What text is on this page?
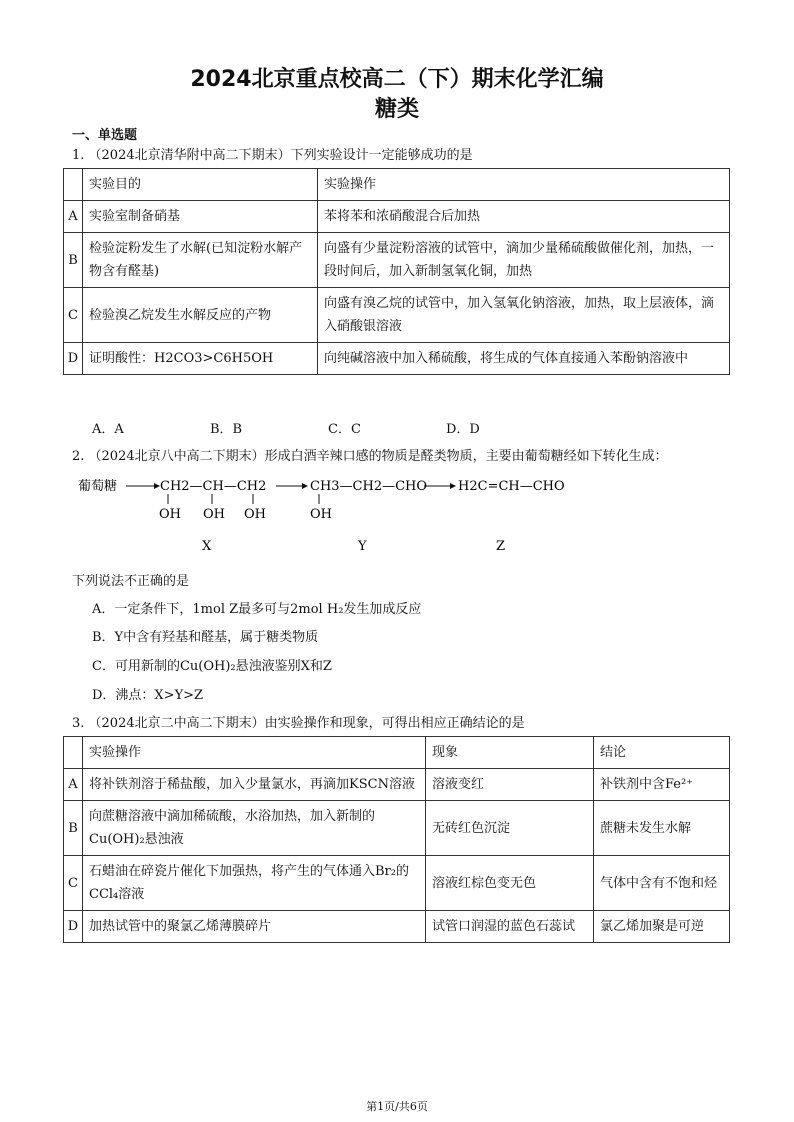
2024北京重点校高二（下）期末化学汇编
糖类
一、单选题
1. （2024北京清华附中高二下期末）下列实验设计一定能够成功的是
	实验目的	实验操作
A	实验室制备硝基	苯将苯和浓硝酸混合后加热
B	检验淀粉发生了水解(已知淀粉水解产物含有醛基)	向盛有少量淀粉溶液的试管中，滴加少量稀硫酸做催化剂，加热，一段时间后，加入新制氢氧化铜，加热
C	检验溴乙烷发生水解反应的产物	向盛有溴乙烷的试管中，加入氢氧化钠溶液，加热，取上层液体，滴入硝酸银溶液
D	证明酸性：H2CO3>C6H5OH	向纯碱溶液中加入稀硫酸，将生成的气体直接通入苯酚钠溶液中
A．A	B．B	C．C	D．D
2. （2024北京八中高二下期末）形成白酒辛辣口感的物质是醛类物质，主要由葡萄糖经如下转化生成：
葡萄糖	CH2—CH—CH2
OH OH OH
CH3—CH2—CHO
OH
H2C=CH—CHO
X	Y	Z
下列说法不正确的是
A．一定条件下，1mol Z最多可与2mol H₂发生加成反应
B．Y中含有羟基和醛基，属于糖类物质
C．可用新制的Cu(OH)₂悬浊液鉴别X和Z
D．沸点：X>Y>Z
3. （2024北京二中高二下期末）由实验操作和现象，可得出相应正确结论的是
	实验操作	现象	结论
A	将补铁剂溶于稀盐酸，加入少量氯水，再滴加KSCN溶液	溶液变红	补铁剂中含Fe²⁺
B	向蔗糖溶液中滴加稀硫酸，水浴加热，加入新制的Cu(OH)₂悬浊液	无砖红色沉淀	蔗糖未发生水解
C	石蜡油在碎瓷片催化下加强热，将产生的气体通入Br₂的CCl₄溶液	溶液红棕色变无色	气体中含有不饱和烃
D	加热试管中的聚氯乙烯薄膜碎片	试管口润湿的蓝色石蕊试	氯乙烯加聚是可逆
第1页/共6页
